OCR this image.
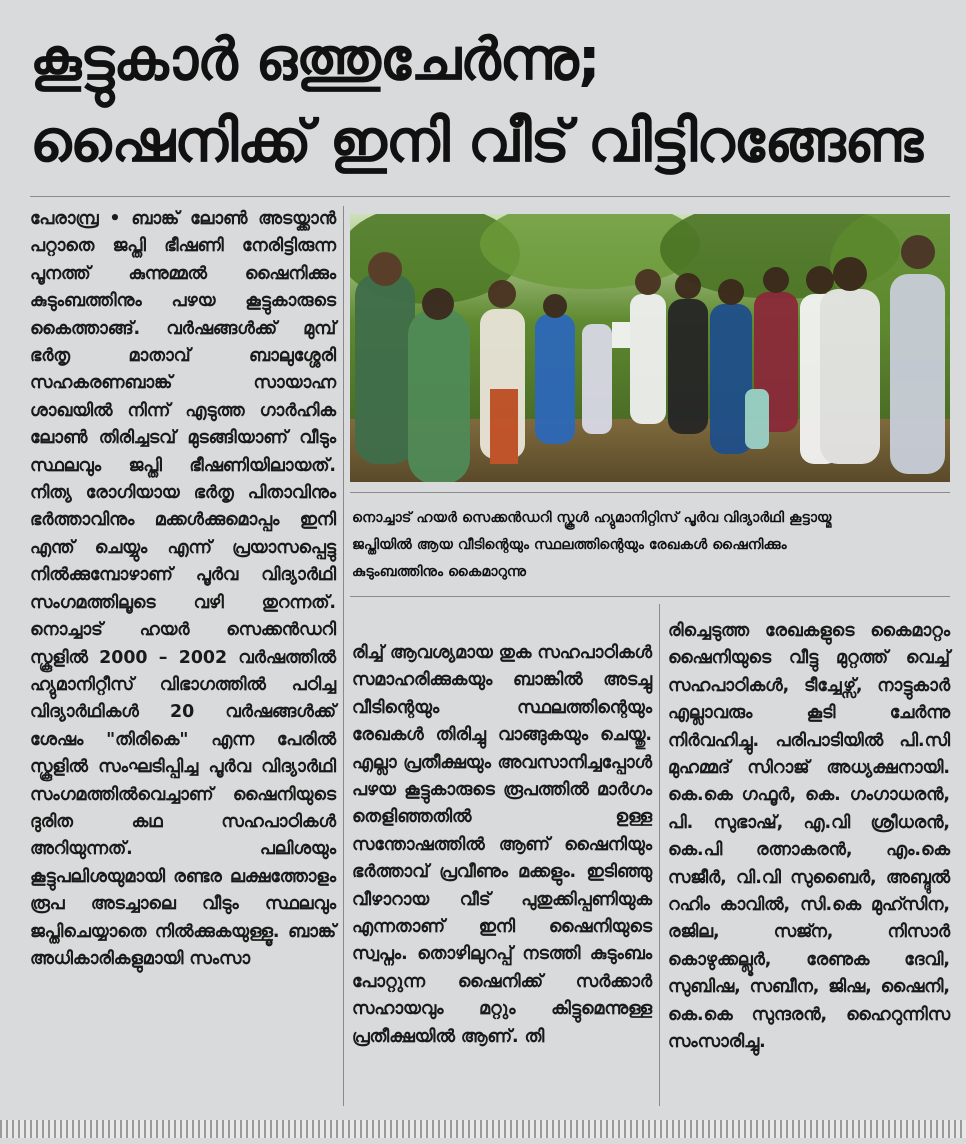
കൂട്ടുകാർ ഒത്തുചേർന്നു;
ഷൈനിക്ക് ഇനി വീട് വിട്ടിറങ്ങേണ്ട

പേരാമ്പ്ര • ബാങ്ക് ലോൺ അടയ്ക്കാൻ പറ്റാതെ ജപ്തി ഭീഷണി നേരിട്ടിരുന്ന പൂനത്ത് കുന്നുമ്മൽ ഷൈനിക്കും കുടുംബത്തിനും പഴയ കൂട്ടുകാരുടെ കൈത്താങ്ങ്. വർഷങ്ങൾക്ക് മുമ്പ് ഭർതൃ മാതാവ് ബാലുശ്ശേരി സഹകരണബാങ്ക് സായാഹ്ന ശാഖയിൽ നിന്ന് എടുത്ത ഗാർഹിക ലോൺ തിരിച്ചടവ് മുടങ്ങിയാണ് വീടും സ്ഥലവും ജപ്തി ഭീഷണിയിലായത്. നിത്യ രോഗിയായ ഭർതൃ പിതാവിനും ഭർത്താവിനും മക്കൾക്കുമൊപ്പം ഇനി എന്ത് ചെയ്യും എന്ന് പ്രയാസപ്പെട്ടു നിൽക്കുമ്പോഴാണ് പൂർവ വിദ്യാർഥി സംഗമത്തിലൂടെ വഴി തുറന്നത്. നൊച്ചാട് ഹയർ സെക്കൻഡറി സ്കൂളിൽ 2000 – 2002 വർഷത്തിൽ ഹ്യുമാനിറ്റീസ് വിഭാഗത്തിൽ പഠിച്ച വിദ്യാർഥികൾ 20 വർഷങ്ങൾക്ക് ശേഷം "തിരികെ" എന്ന പേരിൽ സ്കൂളിൽ സംഘടിപ്പിച്ച പൂർവ വിദ്യാർഥി സംഗമത്തിൽവെച്ചാണ് ഷൈനിയുടെ ദുരിത കഥ സഹപാഠികൾ അറിയുന്നത്. പലിശയും കൂട്ടുപലിശയുമായി രണ്ടര ലക്ഷത്തോളം രൂപ അടച്ചാലെ വീടും സ്ഥലവും ജപ്തിചെയ്യാതെ നിൽക്കുകയുള്ളൂ. ബാങ്ക് അധികാരികളുമായി സംസാ

നൊച്ചാട് ഹയർ സെക്കൻഡറി സ്കൂൾ ഹ്യുമാനിറ്റിസ് പൂർവ വിദ്യാർഥി കൂട്ടായ്മ
ജപ്തിയിൽ ആയ വീടിന്റെയും സ്ഥലത്തിന്റെയും രേഖകൾ ഷൈനിക്കും
കുടുംബത്തിനും കൈമാറുന്നു

രിച്ച് ആവശ്യമായ തുക സഹപാഠികൾ സമാഹരിക്കുകയും ബാങ്കിൽ അടച്ചു വീടിന്റെയും സ്ഥലത്തിന്റെയും രേഖകൾ തിരിച്ചു വാങ്ങുകയും ചെയ്തു. എല്ലാ പ്രതീക്ഷയും അവസാനിച്ചപ്പോൾ പഴയ കൂട്ടുകാരുടെ രൂപത്തിൽ മാർഗം തെളിഞ്ഞതിൽ ഉള്ള സന്തോഷത്തിൽ ആണ് ഷൈനിയും ഭർത്താവ് പ്രവീണും മക്കളും. ഇടിഞ്ഞു വീഴാറായ വീട് പുതുക്കിപ്പണിയുക എന്നതാണ് ഇനി ഷൈനിയുടെ സ്വപ്നം. തൊഴിലുറപ്പ് നടത്തി കുടുംബം പോറ്റുന്ന ഷൈനിക്ക് സർക്കാർ സഹായവും മറ്റും കിട്ടുമെന്നുള്ള പ്രതീക്ഷയിൽ ആണ്. തി

രിച്ചെടുത്ത രേഖകളുടെ കൈമാറ്റം ഷൈനിയുടെ വീട്ടു മുറ്റത്ത് വെച്ച് സഹപാഠികൾ, ടീച്ചേഴ്സ്, നാട്ടുകാർ എല്ലാവരും കൂടി ചേർന്നു നിർവഹിച്ചു. പരിപാടിയിൽ പി.സി മുഹമ്മദ് സിറാജ് അധ്യക്ഷനായി. കെ.കെ ഗഫൂർ, കെ. ഗംഗാധരൻ, പി. സുഭാഷ്, എ.വി ശ്രീധരൻ, കെ.പി രത്നാകരൻ, എം.കെ സജീർ, വി.വി സുബൈർ, അബ്ദുൽ റഹിം കാവിൽ, സി.കെ മുഹ്സിന, രജില, സജ്ന, നിസാർ കൊഴുക്കല്ലൂർ, രേണുക ദേവി, സുബിഷ, സബീന, ജിഷ, ഷൈനി, കെ.കെ സുന്ദരൻ, ഹൈറുന്നിസ സംസാരിച്ചു.
